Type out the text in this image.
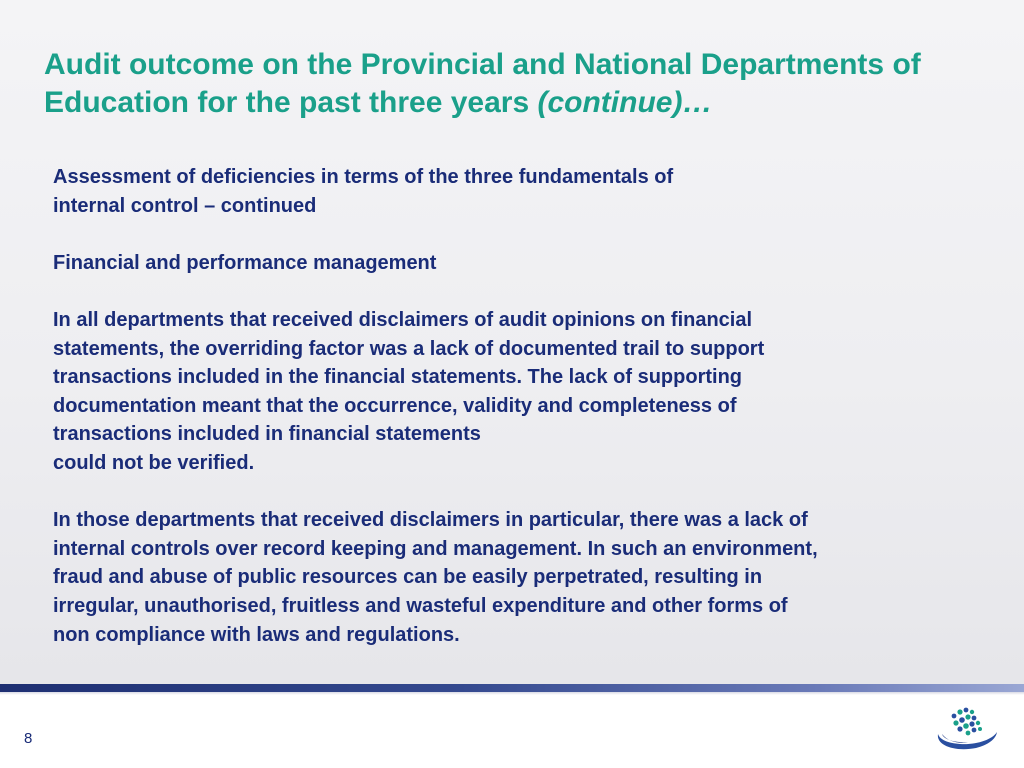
Audit outcome on the Provincial and National Departments of Education for the past three years (continue)…

Assessment of deficiencies in terms of the three fundamentals of
internal control – continued

Financial and performance management

In all departments that received disclaimers of audit opinions on financial
statements, the overriding factor was a lack of documented trail to support
transactions included in the financial statements. The lack of supporting
documentation meant that the occurrence, validity and completeness of
transactions included in financial statements
could not be verified.

In those departments that received disclaimers in particular, there was a lack of
internal controls over record keeping and management. In such an environment,
fraud and abuse of public resources can be easily perpetrated, resulting in
irregular, unauthorised, fruitless and wasteful expenditure and other forms of
non compliance with laws and regulations.

8
